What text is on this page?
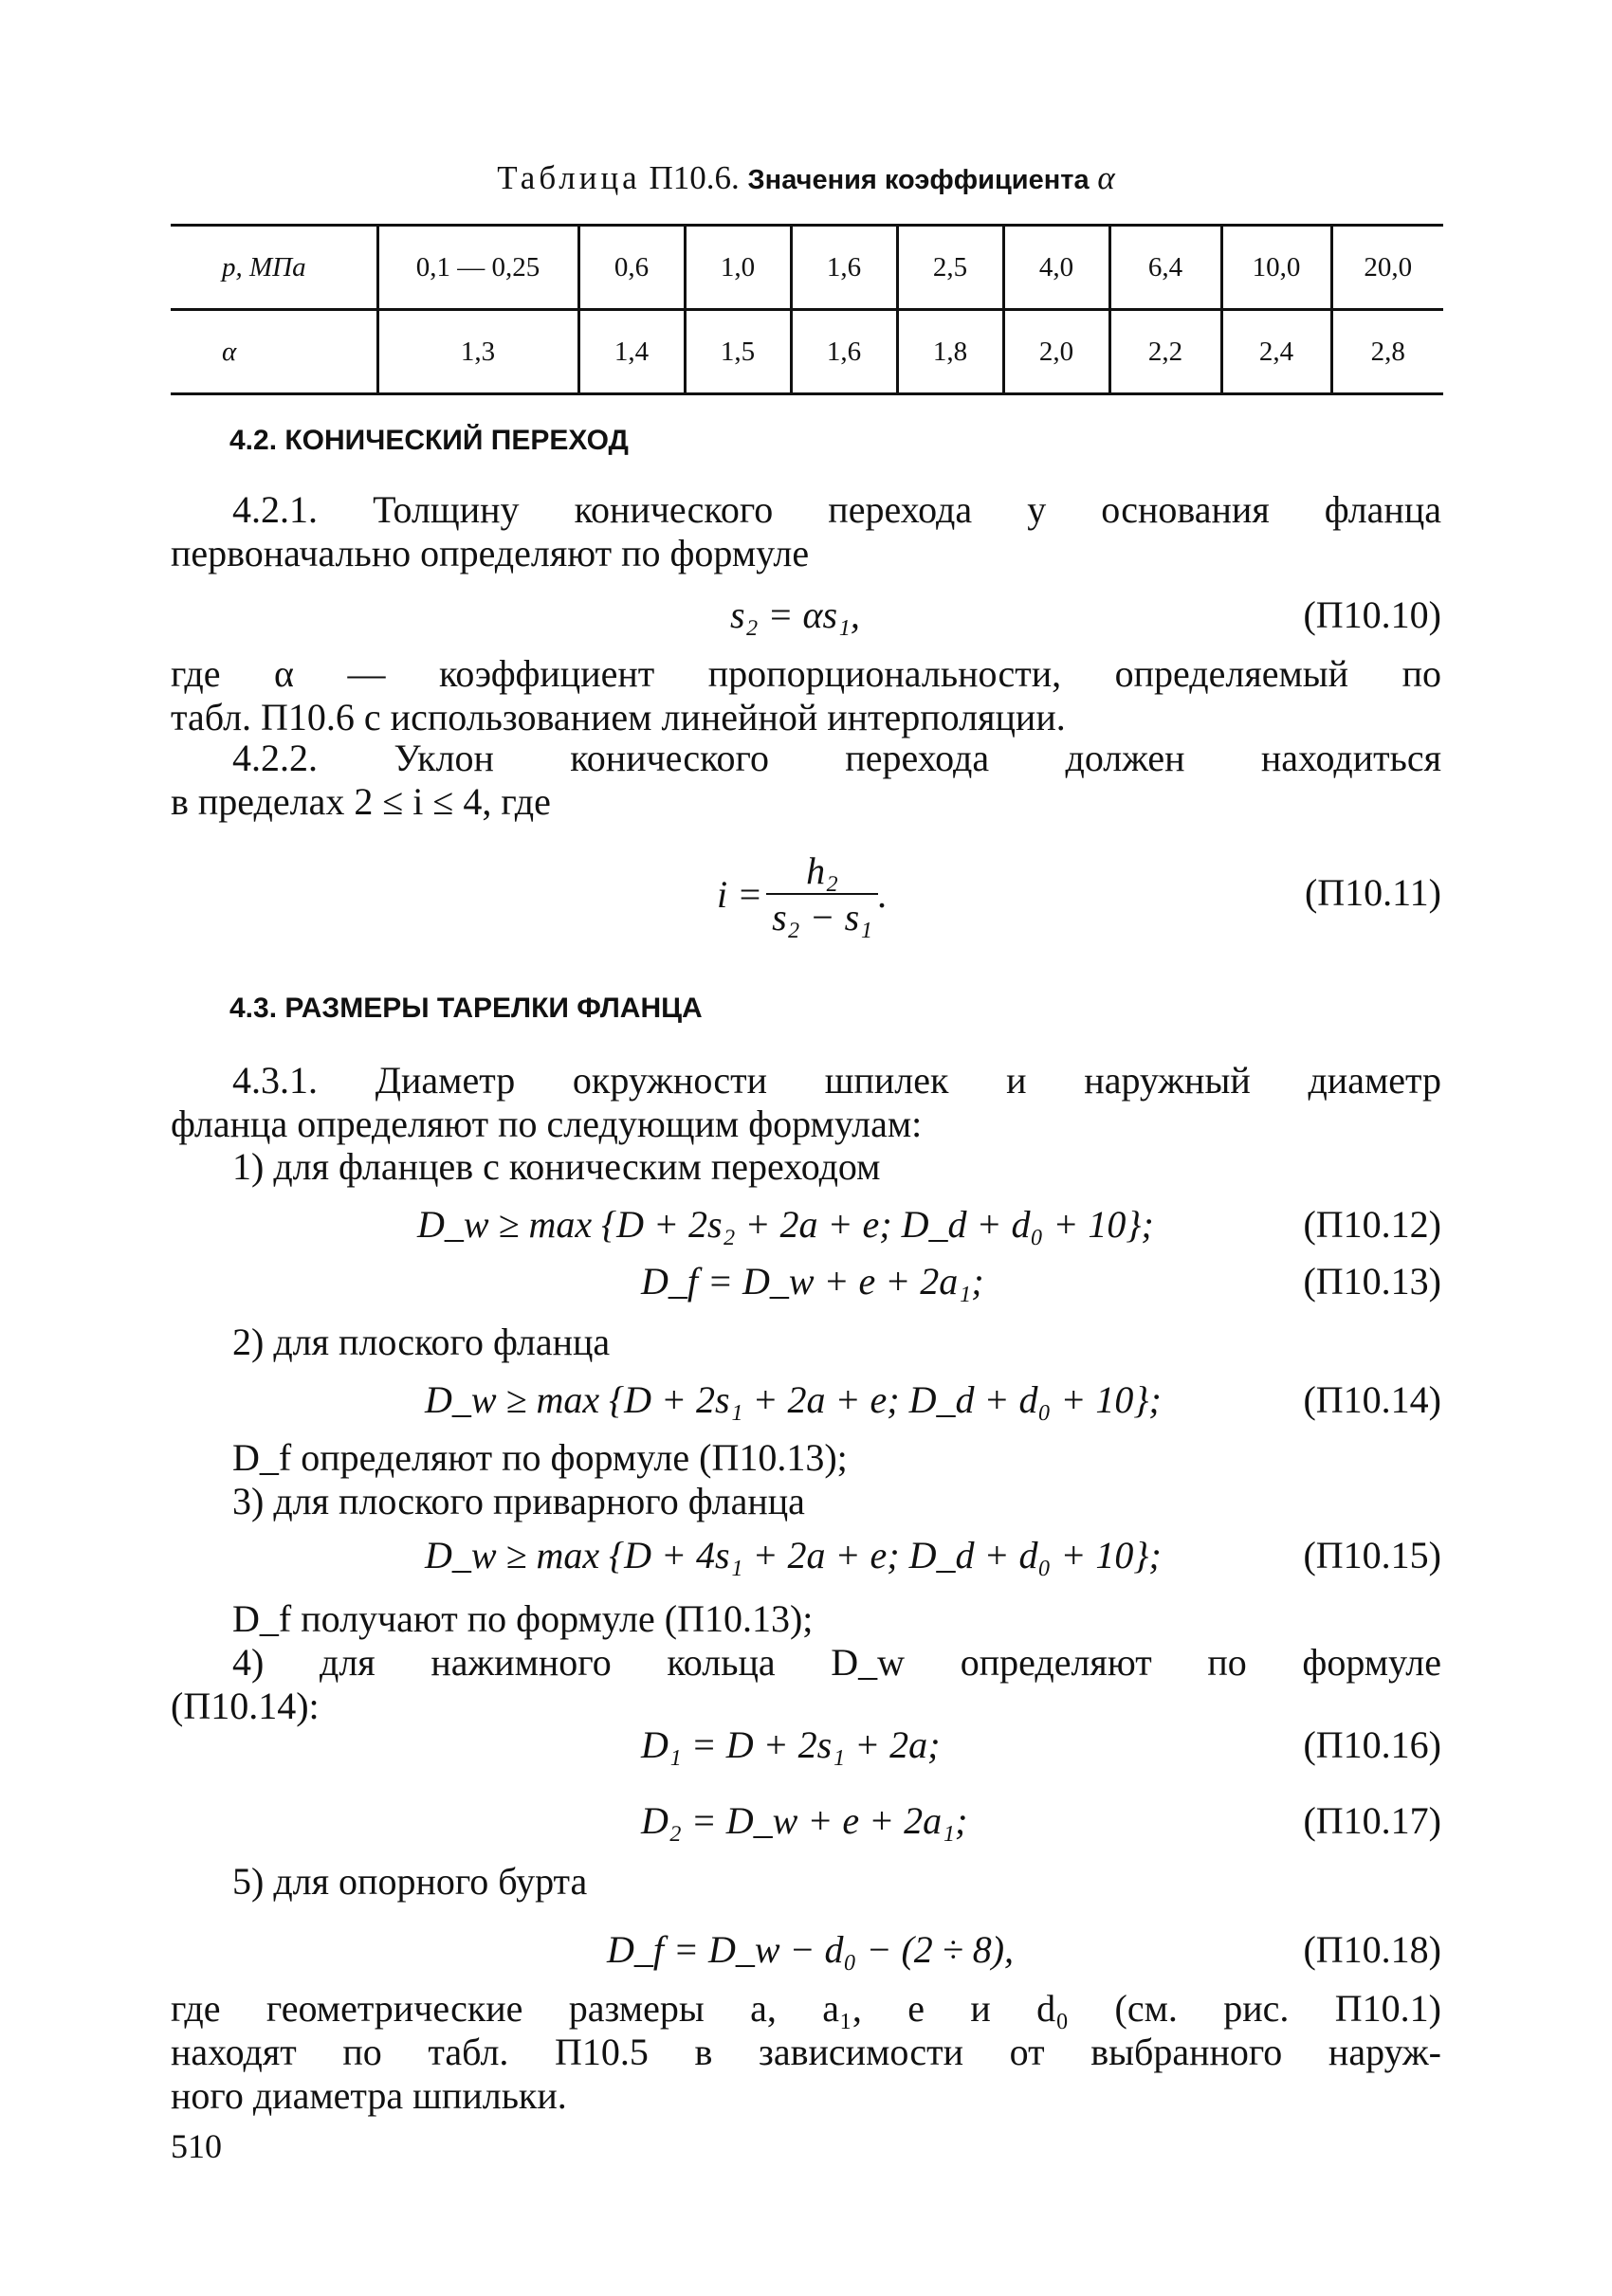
Таблица П10.6. Значения коэффициента α
p, МПа	0,1 — 0,25	0,6	1,0	1,6	2,5	4,0	6,4	10,0	20,0
α	1,3	1,4	1,5	1,6	1,8	2,0	2,2	2,4	2,8
4.2. КОНИЧЕСКИЙ ПЕРЕХОД
4.2.1. Толщину конического перехода у основания фланца
первоначально определяют по формуле
s₂ = αs₁,	(П10.10)
где α — коэффициент пропорциональности, определяемый по
табл. П10.6 с использованием линейной интерполяции.
4.2.2. Уклон конического перехода должен находиться
в пределах 2 ≤ i ≤ 4, где
$i = \frac{\text{h₂}}{\text{s₂ − s₁}}$ .	(П10.11)
4.3. РАЗМЕРЫ ТАРЕЛКИ ФЛАНЦА
4.3.1. Диаметр окружности шпилек и наружный диаметр
фланца определяют по следующим формулам:
1) для фланцев с коническим переходом
D_w ≥ max {D + 2s₂ + 2a + e; D_d + d₀ + 10};	(П10.12)
D_f = D_w + e + 2a₁;	(П10.13)
2) для плоского фланца
D_w ≥ max {D + 2s₁ + 2a + e; D_d + d₀ + 10};	(П10.14)
D_f определяют по формуле (П10.13);
3) для плоского приварного фланца
D_w ≥ max {D + 4s₁ + 2a + e; D_d + d₀ + 10};	(П10.15)
D_f получают по формуле (П10.13);
4) для нажимного кольца D_w определяют по формуле
(П10.14):
D₁ = D + 2s₁ + 2a;	(П10.16)
D₂ = D_w + e + 2a₁;	(П10.17)
5) для опорного бурта
D_f = D_w − d₀ − (2 ÷ 8),	(П10.18)
где геометрические размеры a, a₁, e и d₀ (см. рис. П10.1)
находят по табл. П10.5 в зависимости от выбранного наруж-
ного диаметра шпильки.
510
